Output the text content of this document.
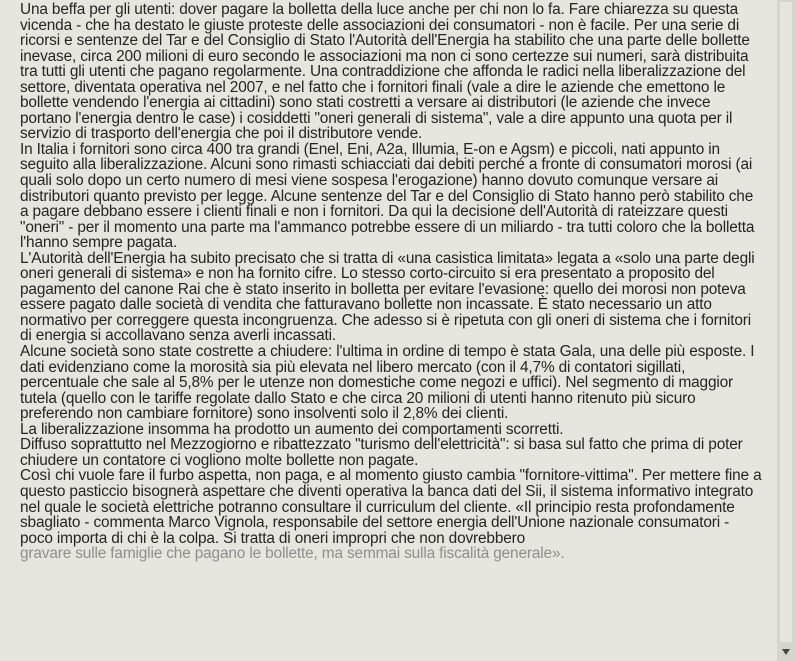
Una beffa per gli utenti: dover pagare la bolletta della luce anche per chi non lo fa. Fare chiarezza su questa vicenda - che ha destato le giuste proteste delle associazioni dei consumatori - non è facile. Per una serie di ricorsi e sentenze del Tar e del Consiglio di Stato l'Autorità dell'Energia ha stabilito che una parte delle bollette inevase, circa 200 milioni di euro secondo le associazioni ma non ci sono certezze sui numeri, sarà distribuita tra tutti gli utenti che pagano regolarmente. Una contraddizione che affonda le radici nella liberalizzazione del settore, diventata operativa nel 2007, e nel fatto che i fornitori finali (vale a dire le aziende che emettono le bollette vendendo l'energia ai cittadini) sono stati costretti a versare ai distributori (le aziende che invece portano l'energia dentro le case) i cosiddetti "oneri generali di sistema", vale a dire appunto una quota per il servizio di trasporto dell'energia che poi il distributore vende.

In Italia i fornitori sono circa 400 tra grandi (Enel, Eni, A2a, Illumia, E-on e Agsm) e piccoli, nati appunto in seguito alla liberalizzazione. Alcuni sono rimasti schiacciati dai debiti perché a fronte di consumatori morosi (ai quali solo dopo un certo numero di mesi viene sospesa l'erogazione) hanno dovuto comunque versare ai distributori quanto previsto per legge. Alcune sentenze del Tar e del Consiglio di Stato hanno però stabilito che a pagare debbano essere i clienti finali e non i fornitori. Da qui la decisione dell'Autorità di rateizzare questi "oneri" - per il momento una parte ma l'ammanco potrebbe essere di un miliardo - tra tutti coloro che la bolletta l'hanno sempre pagata.

L'Autorità dell'Energia ha subito precisato che si tratta di «una casistica limitata» legata a «solo una parte degli oneri generali di sistema» e non ha fornito cifre. Lo stesso corto-circuito si era presentato a proposito del pagamento del canone Rai che è stato inserito in bolletta per evitare l'evasione: quello dei morosi non poteva essere pagato dalle società di vendita che fatturavano bollette non incassate. È stato necessario un atto normativo per correggere questa incongruenza. Che adesso si è ripetuta con gli oneri di sistema che i fornitori di energia si accollavano senza averli incassati.

Alcune società sono state costrette a chiudere: l'ultima in ordine di tempo è stata Gala, una delle più esposte. I dati evidenziano come la morosità sia più elevata nel libero mercato (con il 4,7% di contatori sigillati, percentuale che sale al 5,8% per le utenze non domestiche come negozi e uffici). Nel segmento di maggior tutela (quello con le tariffe regolate dallo Stato e che circa 20 milioni di utenti hanno ritenuto più sicuro preferendo non cambiare fornitore) sono insolventi solo il 2,8% dei clienti.

La liberalizzazione insomma ha prodotto un aumento dei comportamenti scorretti.

Diffuso soprattutto nel Mezzogiorno e ribattezzato "turismo dell'elettricità": si basa sul fatto che prima di poter chiudere un contatore ci vogliono molte bollette non pagate.

Così chi vuole fare il furbo aspetta, non paga, e al momento giusto cambia "fornitore-vittima". Per mettere fine a questo pasticcio bisognerà aspettare che diventi operativa la banca dati del Sii, il sistema informativo integrato nel quale le società elettriche potranno consultare il curriculum del cliente. «Il principio resta profondamente sbagliato - commenta Marco Vignola, responsabile del settore energia dell'Unione nazionale consumatori - poco importa di chi è la colpa. Si tratta di oneri impropri che non dovrebbero

gravare sulle famiglie che pagano le bollette, ma semmai sulla fiscalità generale».
